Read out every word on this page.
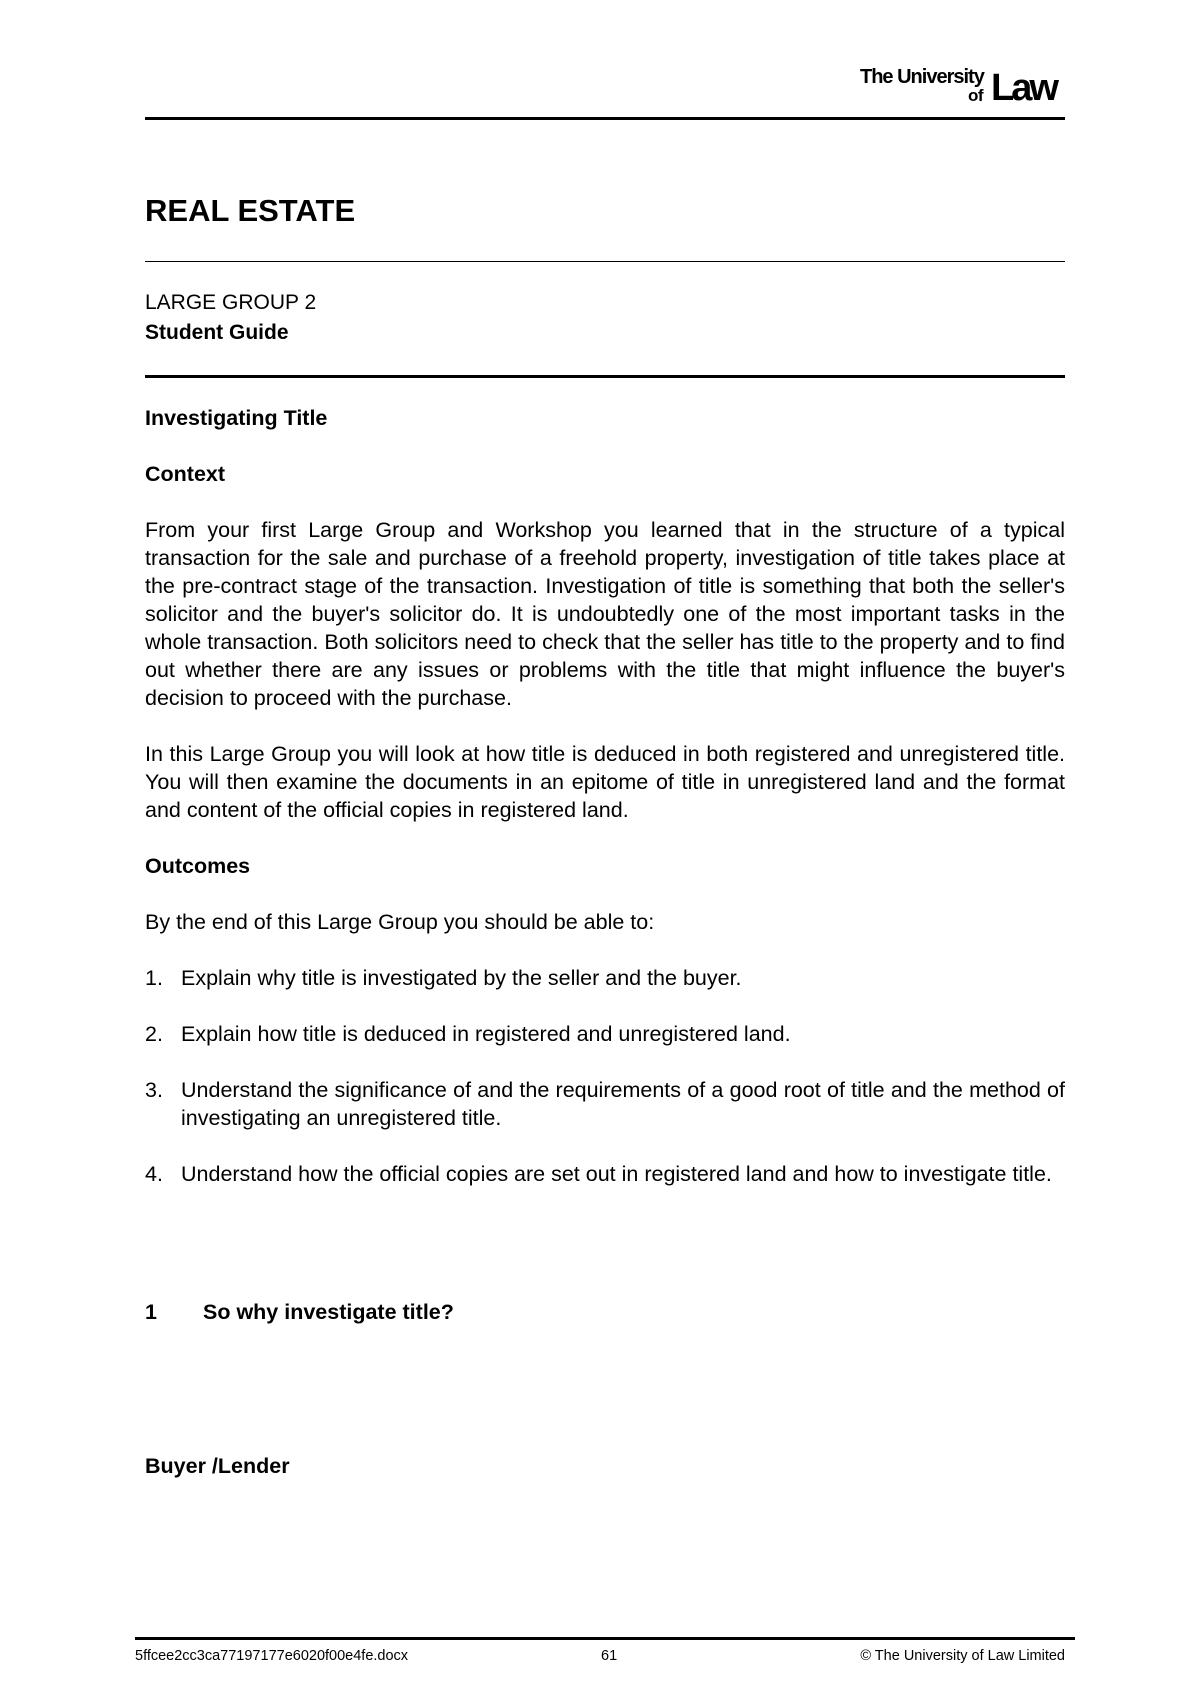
The University
of Law
REAL ESTATE
LARGE GROUP 2
Student Guide
Investigating Title
Context

From your first Large Group and Workshop you learned that in the structure of a typical transaction for the sale and purchase of a freehold property, investigation of title takes place at the pre-contract stage of the transaction. Investigation of title is something that both the seller's solicitor and the buyer's solicitor do. It is undoubtedly one of the most important tasks in the whole transaction. Both solicitors need to check that the seller has title to the property and to find out whether there are any issues or problems with the title that might influence the buyer's decision to proceed with the purchase.

In this Large Group you will look at how title is deduced in both registered and unregistered title. You will then examine the documents in an epitome of title in unregistered land and the format and content of the official copies in registered land.

Outcomes

By the end of this Large Group you should be able to:

1. Explain why title is investigated by the seller and the buyer.
2. Explain how title is deduced in registered and unregistered land.
3. Understand the significance of and the requirements of a good root of title and the method of investigating an unregistered title.
4. Understand how the official copies are set out in registered land and how to investigate title.
1 So why investigate title?
Buyer /Lender
5ffcee2cc3ca77197177e6020f00e4fe.docx	61	© The University of Law Limited
